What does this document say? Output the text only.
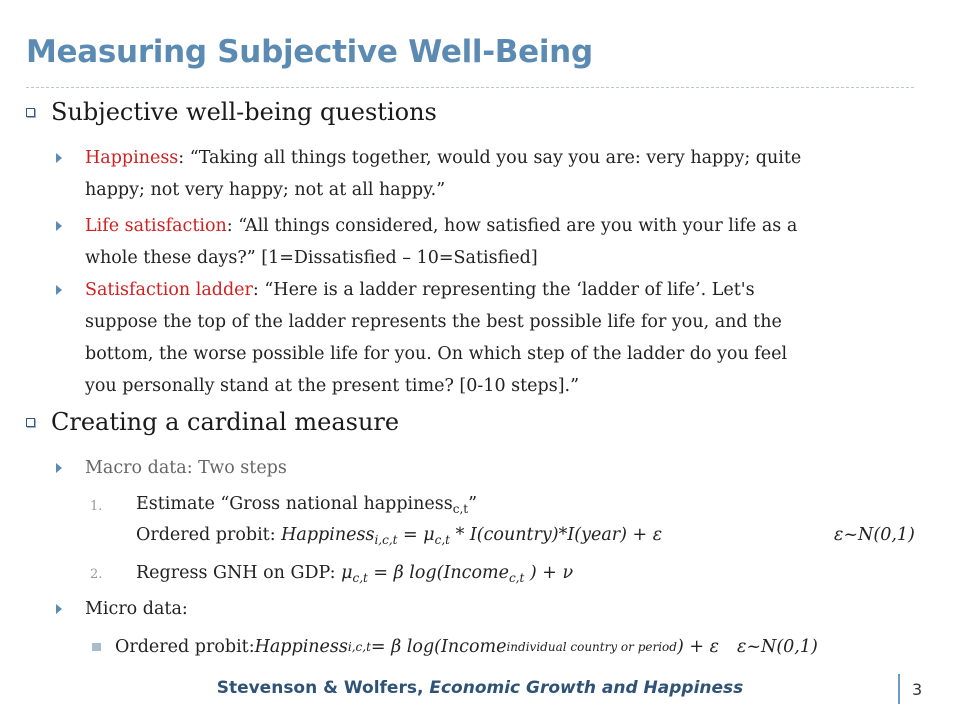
Measuring Subjective Well-Being
Subjective well-being questions
Happiness: “Taking all things together, would you say you are: very happy; quite
happy; not very happy; not at all happy.”
Life satisfaction: “All things considered, how satisfied are you with your life as a
whole these days?” [1=Dissatisfied – 10=Satisfied]
Satisfaction ladder: “Here is a ladder representing the ‘ladder of life’. Let's
suppose the top of the ladder represents the best possible life for you, and the
bottom, the worse possible life for you. On which step of the ladder do you feel
you personally stand at the present time? [0-10 steps].”
Creating a cardinal measure
Macro data: Two steps
1. Estimate “Gross national happiness$_{c,t}$”
Ordered probit: Happiness$_{i,c,t}$ = $\mu_{c,t}$ * I(country)*I(year) + ε	ε~N(0,1)
2. Regress GNH on GDP: $\mu_{c,t} = \beta$ log(Income$_{c,t}$ ) + ν
Micro data:
Ordered probit: Happiness i,c,t = β log(Income individual country or period ) + ε ε~N(0,1)
Stevenson & Wolfers, Economic Growth and Happiness	3
